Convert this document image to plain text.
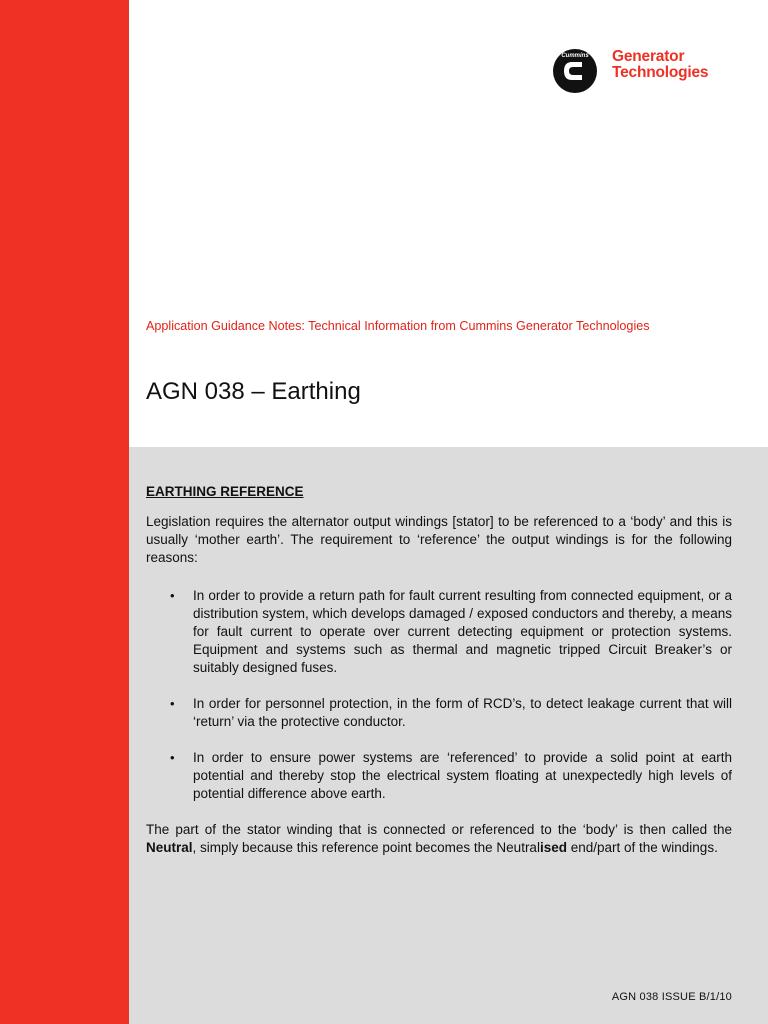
Cummins Generator
Technologies
Application Guidance Notes: Technical Information from Cummins Generator Technologies
AGN 038 – Earthing
EARTHING REFERENCE

Legislation requires the alternator output windings [stator] to be referenced to a ‘body’ and this is usually ‘mother earth’. The requirement to ‘reference’ the output windings is for the following reasons:

• In order to provide a return path for fault current resulting from connected equipment, or a distribution system, which develops damaged / exposed conductors and thereby, a means for fault current to operate over current detecting equipment or protection systems. Equipment and systems such as thermal and magnetic tripped Circuit Breaker’s or suitably designed fuses.
• In order for personnel protection, in the form of RCD’s, to detect leakage current that will ‘return’ via the protective conductor.
• In order to ensure power systems are ‘referenced’ to provide a solid point at earth potential and thereby stop the electrical system floating at unexpectedly high levels of potential difference above earth.

The part of the stator winding that is connected or referenced to the ‘body’ is then called the Neutral, simply because this reference point becomes the Neutralised end/part of the windings.

AGN 038 ISSUE B/1/10
